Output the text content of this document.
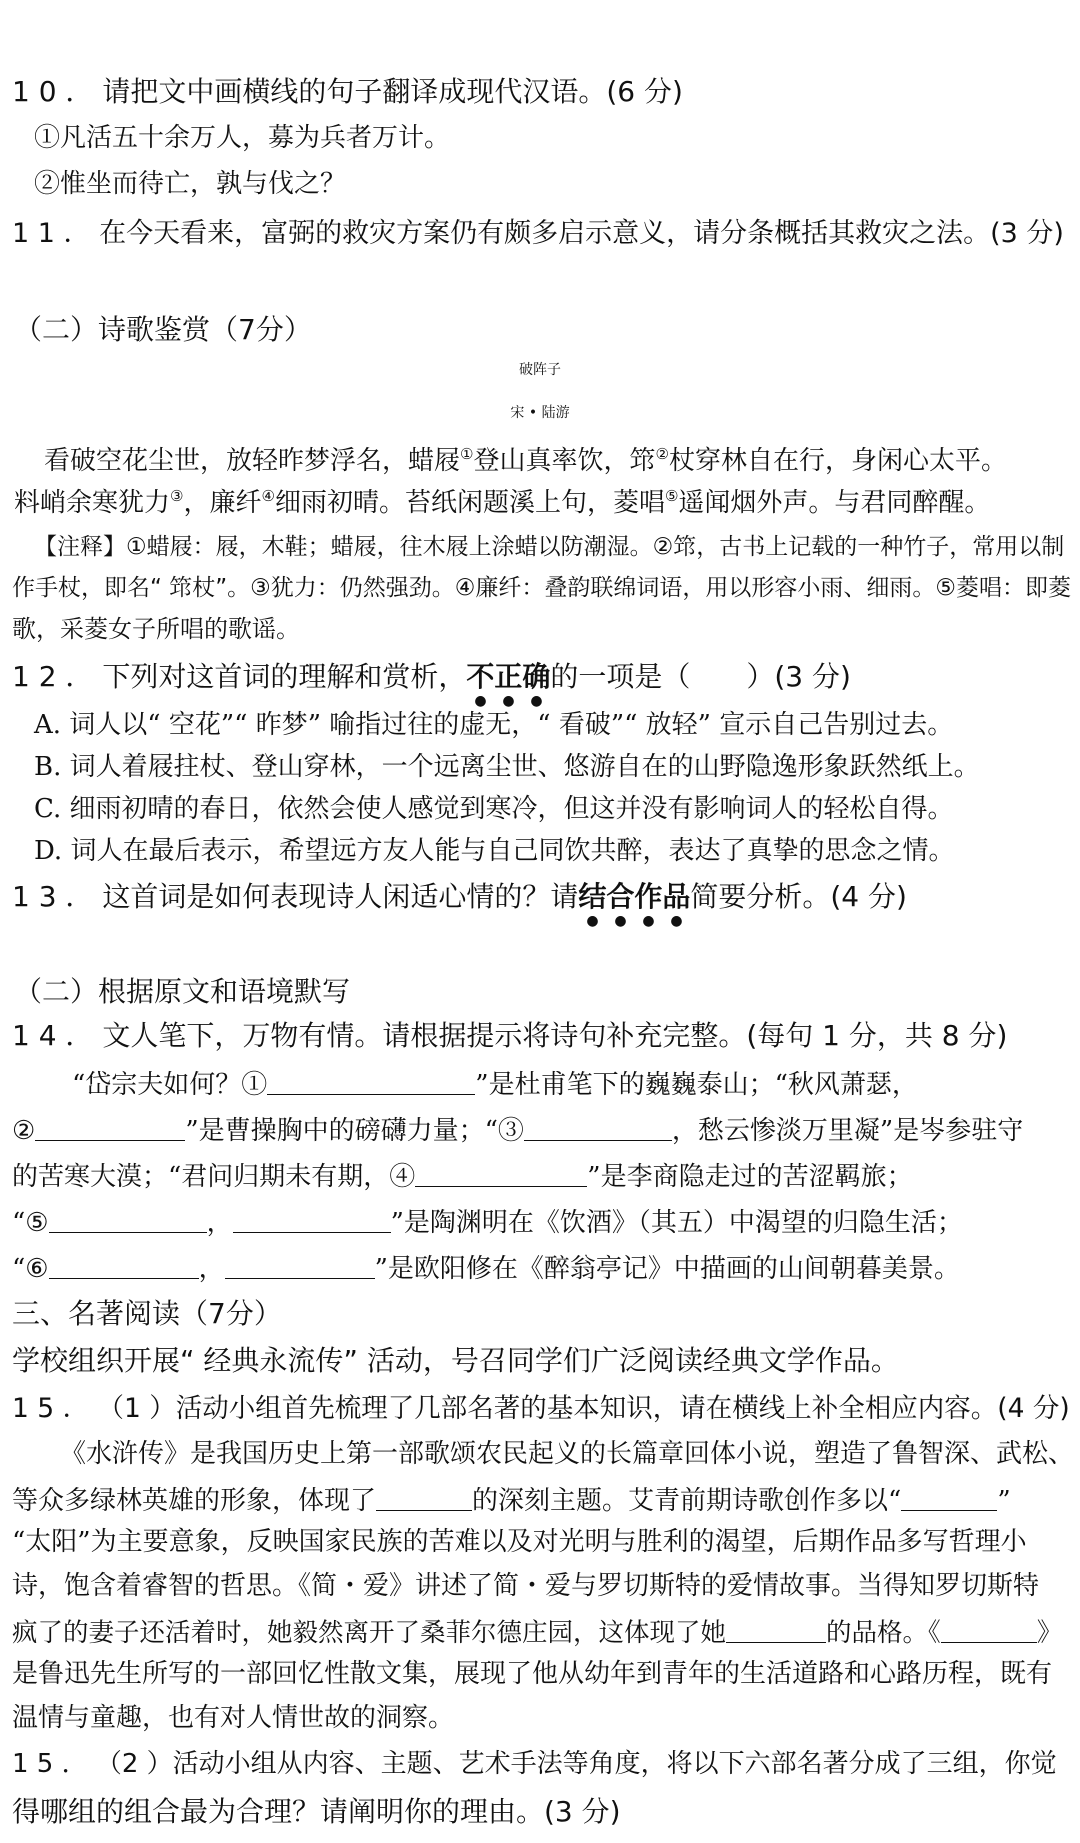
1 0 ． 请把文中画横线的句子翻译成现代汉语。(6 分)
①凡活五十余万人，募为兵者万计。
②惟坐而待亡，孰与伐之？
1 1 ． 在今天看来，富弼的救灾方案仍有颇多启示意义，请分条概括其救灾之法。(3 分)
（二）诗歌鉴赏（7分）
破阵子
宋 • 陆游
看破空花尘世，放轻昨梦浮名，蜡屐①登山真率饮，筇②杖穿林自在行，身闲心太平。
料峭余寒犹力③，廉纤④细雨初晴。苔纸闲题溪上句，菱唱⑤遥闻烟外声。与君同醉醒。
【注释】①蜡屐：屐，木鞋；蜡屐，往木屐上涂蜡以防潮湿。②筇，古书上记载的一种竹子，常用以制
作手杖，即名“ 筇杖”。③犹力：仍然强劲。④廉纤：叠韵联绵词语，用以形容小雨、细雨。⑤菱唱：即菱
歌，采菱女子所唱的歌谣。
1 2 ． 下列对这首词的理解和赏析，不正确的一项是（　　）(3 分)
A. 词人以“ 空花”“ 昨梦” 喻指过往的虚无，“ 看破”“ 放轻” 宣示自己告别过去。
B. 词人着屐拄杖、登山穿林，一个远离尘世、悠游自在的山野隐逸形象跃然纸上。
C. 细雨初晴的春日，依然会使人感觉到寒冷，但这并没有影响词人的轻松自得。
D. 词人在最后表示，希望远方友人能与自己同饮共醉，表达了真挚的思念之情。
1 3 ． 这首词是如何表现诗人闲适心情的？请结合作品简要分析。(4 分)
（二）根据原文和语境默写
1 4 ． 文人笔下，万物有情。请根据提示将诗句补充完整。(每句 1 分，共 8 分)
“岱宗夫如何？①	”是杜甫笔下的巍巍泰山；“秋风萧瑟，
②	”是曹操胸中的磅礴力量；“③	，愁云惨淡万里凝”是岑参驻守
的苦寒大漠；“君问归期未有期，④	”是李商隐走过的苦涩羁旅；
“⑤	，	”是陶渊明在《饮酒》（其五）中渴望的归隐生活；
“⑥	，	”是欧阳修在《醉翁亭记》中描画的山间朝暮美景。
三、名著阅读（7分）
学校组织开展“ 经典永流传” 活动，号召同学们广泛阅读经典文学作品。
1 5 ． （1 ）活动小组首先梳理了几部名著的基本知识，请在横线上补全相应内容。(4 分)
《水浒传》是我国历史上第一部歌颂农民起义的长篇章回体小说，塑造了鲁智深、武松、
等众多绿林英雄的形象，体现了	的深刻主题。艾青前期诗歌创作多以“	”
“太阳”为主要意象，反映国家民族的苦难以及对光明与胜利的渴望，后期作品多写哲理小
诗，饱含着睿智的哲思。《简・爱》讲述了简・爱与罗切斯特的爱情故事。当得知罗切斯特
疯了的妻子还活着时，她毅然离开了桑菲尔德庄园，这体现了她	的品格。《	》
是鲁迅先生所写的一部回忆性散文集，展现了他从幼年到青年的生活道路和心路历程，既有
温情与童趣，也有对人情世故的洞察。
1 5 ． （2 ）活动小组从内容、主题、艺术手法等角度，将以下六部名著分成了三组，你觉
得哪组的组合最为合理？请阐明你的理由。(3 分)
